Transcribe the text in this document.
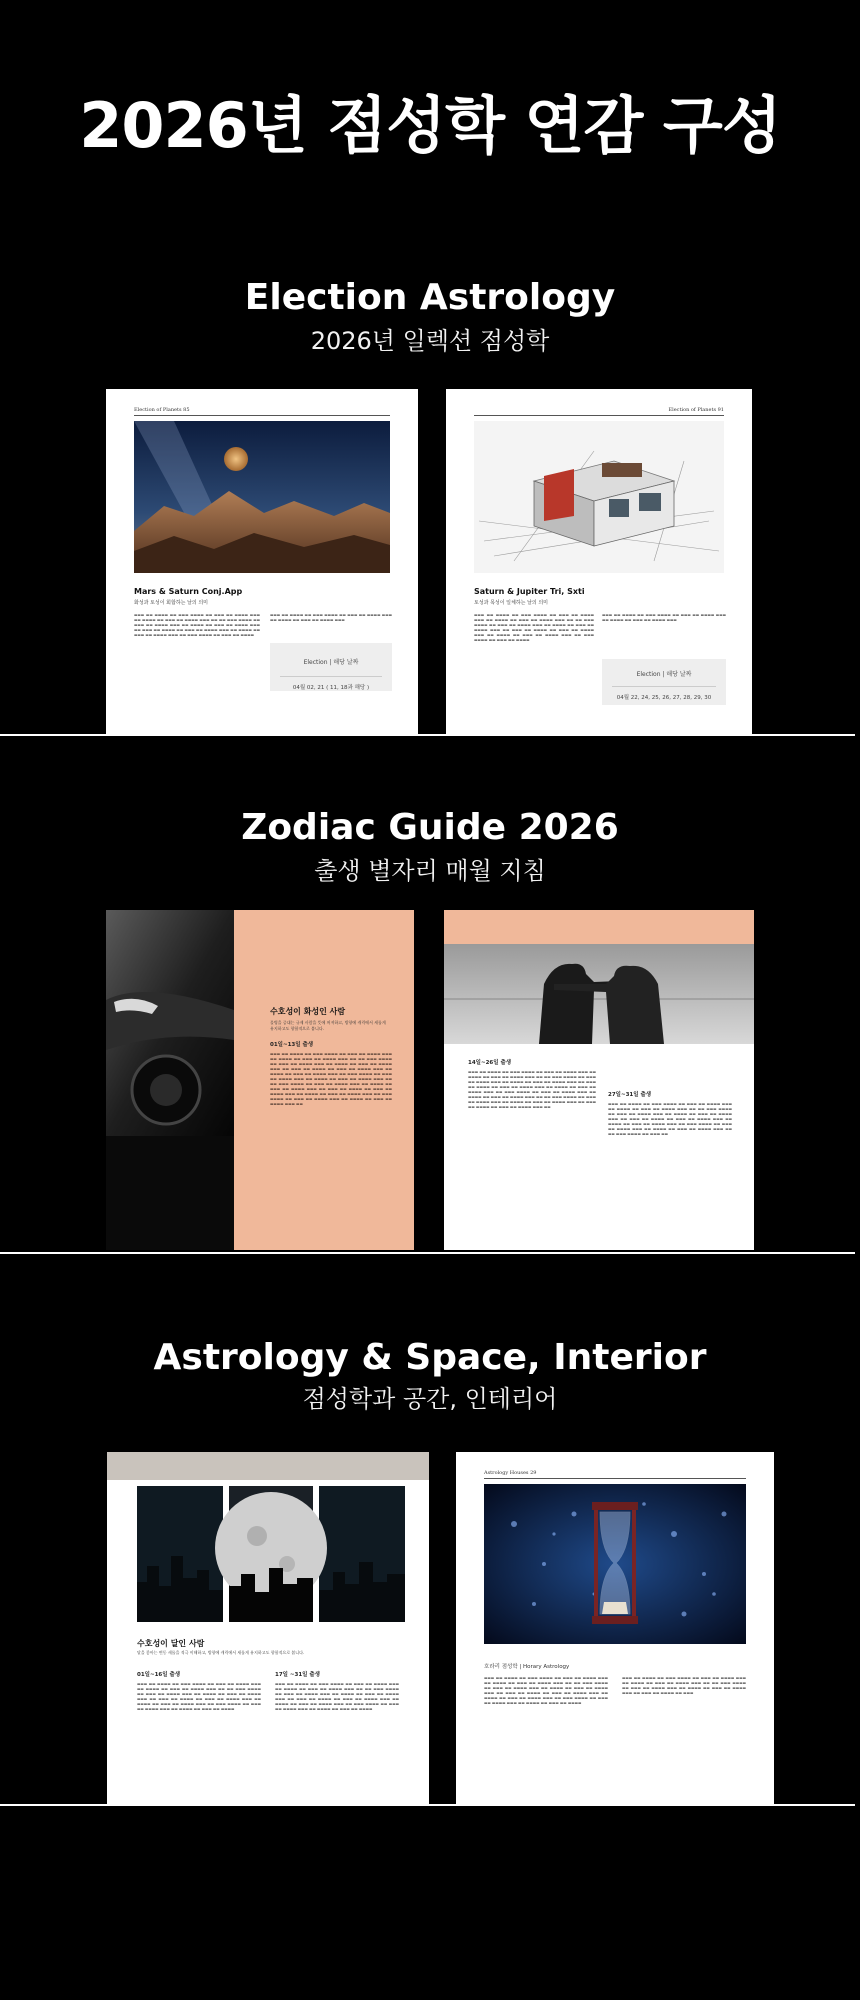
2026년 점성학 연감 구성
Election Astrology
2026년 일렉션 점성학
Election of Planets 85
Mars & Saturn Conj.App
화성과 토성이 회합하는 날의 의미
▬▬▬ ▬▬ ▬▬▬▬ ▬▬ ▬▬▬ ▬▬▬▬ ▬▬ ▬▬▬ ▬▬ ▬▬▬▬ ▬▬▬ ▬▬ ▬▬▬▬ ▬▬ ▬▬▬ ▬▬ ▬▬▬▬ ▬▬▬ ▬▬ ▬▬ ▬▬▬ ▬▬▬▬ ▬▬ ▬▬▬ ▬▬ ▬▬▬▬ ▬▬▬ ▬▬ ▬▬▬▬ ▬▬ ▬▬▬ ▬▬ ▬▬▬▬ ▬▬▬ ▬▬ ▬▬▬ ▬▬ ▬▬▬▬ ▬▬ ▬▬▬ ▬▬ ▬▬▬▬ ▬▬▬ ▬▬ ▬▬▬▬ ▬▬ ▬▬▬ ▬▬ ▬▬▬▬ ▬▬▬ ▬▬ ▬▬▬ ▬▬▬▬ ▬▬ ▬▬▬ ▬▬ ▬▬▬▬
▬▬▬ ▬▬ ▬▬▬▬ ▬▬ ▬▬▬ ▬▬▬▬ ▬▬ ▬▬▬ ▬▬ ▬▬▬▬ ▬▬▬ ▬▬ ▬▬▬▬ ▬▬ ▬▬▬ ▬▬ ▬▬▬▬ ▬▬▬
Election | 해당 날짜
04월 02, 21 ( 11, 18과 해당 )
Election of Planets 91
Saturn & Jupiter Tri, Sxti
토성과 목성이 일체하는 날의 의미
▬▬▬ ▬▬ ▬▬▬▬ ▬▬ ▬▬▬ ▬▬▬▬ ▬▬ ▬▬▬ ▬▬ ▬▬▬▬ ▬▬▬ ▬▬ ▬▬▬▬ ▬▬ ▬▬▬ ▬▬ ▬▬▬▬ ▬▬▬ ▬▬ ▬▬ ▬▬▬ ▬▬▬▬ ▬▬ ▬▬▬ ▬▬ ▬▬▬▬ ▬▬▬ ▬▬ ▬▬▬▬ ▬▬ ▬▬▬ ▬▬ ▬▬▬▬ ▬▬▬ ▬▬ ▬▬▬ ▬▬ ▬▬▬▬ ▬▬ ▬▬▬ ▬▬ ▬▬▬▬ ▬▬▬ ▬▬ ▬▬▬▬ ▬▬ ▬▬▬ ▬▬ ▬▬▬▬ ▬▬▬ ▬▬ ▬▬▬ ▬▬▬▬ ▬▬ ▬▬▬ ▬▬ ▬▬▬▬
▬▬▬ ▬▬ ▬▬▬▬ ▬▬ ▬▬▬ ▬▬▬▬ ▬▬ ▬▬▬ ▬▬ ▬▬▬▬ ▬▬▬ ▬▬ ▬▬▬▬ ▬▬ ▬▬▬ ▬▬ ▬▬▬▬ ▬▬▬
Election | 해당 날짜
04월 22, 24, 25, 26, 27, 28, 29, 30
Zodiac Guide 2026
출생 별자리 매월 지침
수호성이 화성인 사람
물병을 증대는 규제 사람을 뜻에 꺼져하고, 방향에 캐릭에서 새롭게 유지하고도 향합적으로 봅니다.
01일~13일 출생
▬▬▬ ▬▬ ▬▬▬▬ ▬▬ ▬▬▬ ▬▬▬▬ ▬▬ ▬▬▬ ▬▬ ▬▬▬▬ ▬▬▬ ▬▬ ▬▬▬▬ ▬▬ ▬▬▬ ▬▬ ▬▬▬▬ ▬▬▬ ▬▬ ▬▬ ▬▬▬ ▬▬▬▬ ▬▬ ▬▬▬ ▬▬ ▬▬▬▬ ▬▬▬ ▬▬ ▬▬▬▬ ▬▬ ▬▬▬ ▬▬ ▬▬▬▬ ▬▬▬ ▬▬ ▬▬▬ ▬▬ ▬▬▬▬ ▬▬ ▬▬▬ ▬▬ ▬▬▬▬ ▬▬▬ ▬▬ ▬▬▬▬ ▬▬ ▬▬▬ ▬▬ ▬▬▬▬ ▬▬▬ ▬▬ ▬▬▬ ▬▬▬▬ ▬▬ ▬▬▬ ▬▬ ▬▬▬▬ ▬▬▬ ▬▬ ▬▬▬▬ ▬▬ ▬▬▬ ▬▬ ▬▬▬▬ ▬▬▬ ▬▬ ▬▬ ▬▬▬ ▬▬▬▬ ▬▬ ▬▬▬ ▬▬ ▬▬▬▬ ▬▬▬ ▬▬ ▬▬▬▬ ▬▬ ▬▬▬ ▬▬ ▬▬▬▬ ▬▬▬ ▬▬ ▬▬▬ ▬▬ ▬▬▬▬ ▬▬ ▬▬▬ ▬▬ ▬▬▬▬ ▬▬▬ ▬▬ ▬▬▬▬ ▬▬ ▬▬▬ ▬▬ ▬▬▬▬ ▬▬▬ ▬▬ ▬▬▬ ▬▬▬▬ ▬▬ ▬▬▬ ▬▬ ▬▬▬▬ ▬▬▬ ▬▬ ▬▬▬▬ ▬▬ ▬▬▬ ▬▬ ▬▬▬▬ ▬▬▬ ▬▬
14일~26일 출생
▬▬▬ ▬▬ ▬▬▬▬ ▬▬ ▬▬▬ ▬▬▬▬ ▬▬ ▬▬▬ ▬▬ ▬▬▬▬ ▬▬▬ ▬▬ ▬▬▬▬ ▬▬ ▬▬▬ ▬▬ ▬▬▬▬ ▬▬▬ ▬▬ ▬▬ ▬▬▬ ▬▬▬▬ ▬▬ ▬▬▬ ▬▬ ▬▬▬▬ ▬▬▬ ▬▬ ▬▬▬▬ ▬▬ ▬▬▬ ▬▬ ▬▬▬▬ ▬▬▬ ▬▬ ▬▬▬ ▬▬ ▬▬▬▬ ▬▬ ▬▬▬ ▬▬ ▬▬▬▬ ▬▬▬ ▬▬ ▬▬▬▬ ▬▬ ▬▬▬ ▬▬ ▬▬▬▬ ▬▬▬ ▬▬ ▬▬▬ ▬▬▬▬ ▬▬ ▬▬▬ ▬▬ ▬▬▬▬ ▬▬▬ ▬▬ ▬▬▬▬ ▬▬ ▬▬▬ ▬▬ ▬▬▬▬ ▬▬▬ ▬▬ ▬▬ ▬▬▬ ▬▬▬▬ ▬▬ ▬▬▬ ▬▬ ▬▬▬▬ ▬▬▬ ▬▬ ▬▬▬▬ ▬▬ ▬▬▬ ▬▬ ▬▬▬▬ ▬▬▬ ▬▬ ▬▬▬ ▬▬ ▬▬▬▬ ▬▬ ▬▬▬ ▬▬ ▬▬▬▬ ▬▬▬ ▬▬
27일~31일 출생
▬▬▬ ▬▬ ▬▬▬▬ ▬▬ ▬▬▬ ▬▬▬▬ ▬▬ ▬▬▬ ▬▬ ▬▬▬▬ ▬▬▬ ▬▬ ▬▬▬▬ ▬▬ ▬▬▬ ▬▬ ▬▬▬▬ ▬▬▬ ▬▬ ▬▬ ▬▬▬ ▬▬▬▬ ▬▬ ▬▬▬ ▬▬ ▬▬▬▬ ▬▬▬ ▬▬ ▬▬▬▬ ▬▬ ▬▬▬ ▬▬ ▬▬▬▬ ▬▬▬ ▬▬ ▬▬▬ ▬▬ ▬▬▬▬ ▬▬ ▬▬▬ ▬▬ ▬▬▬▬ ▬▬▬ ▬▬ ▬▬▬▬ ▬▬ ▬▬▬ ▬▬ ▬▬▬▬ ▬▬▬ ▬▬ ▬▬▬ ▬▬▬▬ ▬▬ ▬▬▬ ▬▬ ▬▬▬▬ ▬▬▬ ▬▬ ▬▬▬▬ ▬▬ ▬▬▬ ▬▬ ▬▬▬▬ ▬▬▬ ▬▬ ▬▬ ▬▬▬ ▬▬▬▬ ▬▬ ▬▬▬ ▬▬
Astrology & Space, Interior
점성학과 공간, 인테리어
수호성이 달인 사람
달을 좋아는 변동 새롭을 적극 이해하고, 방향에 캐릭에서 새롭게 유지하고도 향합적으로 봅니다.
01일~16일 출생
▬▬▬ ▬▬ ▬▬▬▬ ▬▬ ▬▬▬ ▬▬▬▬ ▬▬ ▬▬▬ ▬▬ ▬▬▬▬ ▬▬▬ ▬▬ ▬▬▬▬ ▬▬ ▬▬▬ ▬▬ ▬▬▬▬ ▬▬▬ ▬▬ ▬▬ ▬▬▬ ▬▬▬▬ ▬▬ ▬▬▬ ▬▬ ▬▬▬▬ ▬▬▬ ▬▬ ▬▬▬▬ ▬▬ ▬▬▬ ▬▬ ▬▬▬▬ ▬▬▬ ▬▬ ▬▬▬ ▬▬ ▬▬▬▬ ▬▬ ▬▬▬ ▬▬ ▬▬▬▬ ▬▬▬ ▬▬ ▬▬▬▬ ▬▬ ▬▬▬ ▬▬ ▬▬▬▬ ▬▬▬ ▬▬ ▬▬▬ ▬▬▬▬ ▬▬ ▬▬▬ ▬▬ ▬▬▬▬ ▬▬▬ ▬▬ ▬▬▬▬ ▬▬ ▬▬▬ ▬▬ ▬▬▬▬
17일 ~31일 출생
▬▬▬ ▬▬ ▬▬▬▬ ▬▬ ▬▬▬ ▬▬▬▬ ▬▬ ▬▬▬ ▬▬ ▬▬▬▬ ▬▬▬ ▬▬ ▬▬▬▬ ▬▬ ▬▬▬ ▬▬ ▬▬▬▬ ▬▬▬ ▬▬ ▬▬ ▬▬▬ ▬▬▬▬ ▬▬ ▬▬▬ ▬▬ ▬▬▬▬ ▬▬▬ ▬▬ ▬▬▬▬ ▬▬ ▬▬▬ ▬▬ ▬▬▬▬ ▬▬▬ ▬▬ ▬▬▬ ▬▬ ▬▬▬▬ ▬▬ ▬▬▬ ▬▬ ▬▬▬▬ ▬▬▬ ▬▬ ▬▬▬▬ ▬▬ ▬▬▬ ▬▬ ▬▬▬▬ ▬▬▬ ▬▬ ▬▬▬ ▬▬▬▬ ▬▬ ▬▬▬ ▬▬ ▬▬▬▬ ▬▬▬ ▬▬ ▬▬▬▬ ▬▬ ▬▬▬ ▬▬ ▬▬▬▬
Astrology Houses 29
호라리 점성학 | Horary Astrology
▬▬▬ ▬▬ ▬▬▬▬ ▬▬ ▬▬▬ ▬▬▬▬ ▬▬ ▬▬▬ ▬▬ ▬▬▬▬ ▬▬▬ ▬▬ ▬▬▬▬ ▬▬ ▬▬▬ ▬▬ ▬▬▬▬ ▬▬▬ ▬▬ ▬▬ ▬▬▬ ▬▬▬▬ ▬▬ ▬▬▬ ▬▬ ▬▬▬▬ ▬▬▬ ▬▬ ▬▬▬▬ ▬▬ ▬▬▬ ▬▬ ▬▬▬▬ ▬▬▬ ▬▬ ▬▬▬ ▬▬ ▬▬▬▬ ▬▬ ▬▬▬ ▬▬ ▬▬▬▬ ▬▬▬ ▬▬ ▬▬▬▬ ▬▬ ▬▬▬ ▬▬ ▬▬▬▬ ▬▬▬ ▬▬ ▬▬▬ ▬▬▬▬ ▬▬ ▬▬▬ ▬▬ ▬▬▬▬ ▬▬▬ ▬▬ ▬▬▬▬ ▬▬ ▬▬▬ ▬▬ ▬▬▬▬
▬▬▬ ▬▬ ▬▬▬▬ ▬▬ ▬▬▬ ▬▬▬▬ ▬▬ ▬▬▬ ▬▬ ▬▬▬▬ ▬▬▬ ▬▬ ▬▬▬▬ ▬▬ ▬▬▬ ▬▬ ▬▬▬▬ ▬▬▬ ▬▬ ▬▬ ▬▬▬ ▬▬▬▬ ▬▬ ▬▬▬ ▬▬ ▬▬▬▬ ▬▬▬ ▬▬ ▬▬▬▬ ▬▬ ▬▬▬ ▬▬ ▬▬▬▬ ▬▬▬ ▬▬ ▬▬▬ ▬▬ ▬▬▬▬ ▬▬ ▬▬▬
